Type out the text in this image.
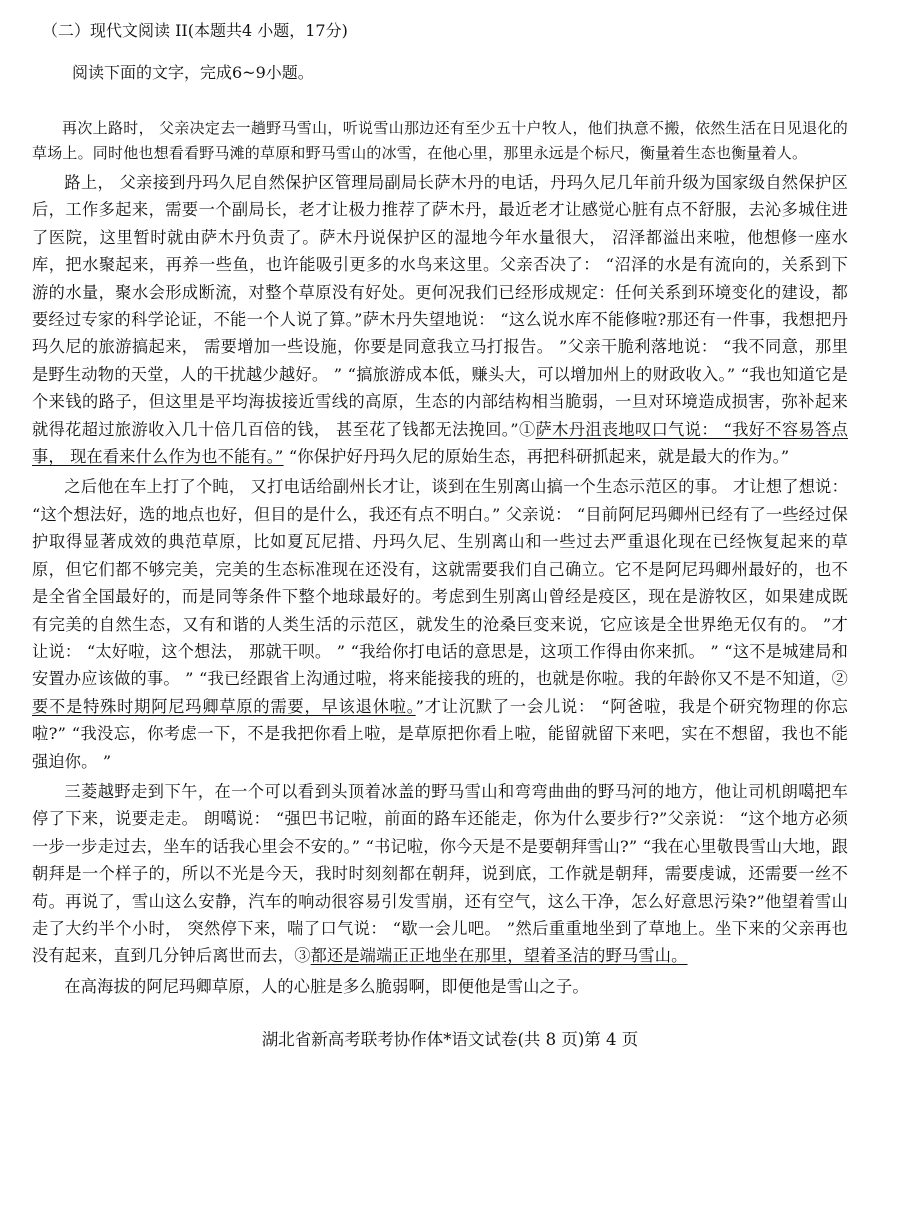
（二）现代文阅读 II(本题共4 小题，17分)
阅读下面的文字，完成6~9小题。

再次上路时， 父亲决定去一趟野马雪山，听说雪山那边还有至少五十户牧人，他们执意不搬，依然生活在日见退化的草场上。同时他也想看看野马滩的草原和野马雪山的冰雪，在他心里，那里永远是个标尺，衡量着生态也衡量着人。

路上， 父亲接到丹玛久尼自然保护区管理局副局长萨木丹的电话，丹玛久尼几年前升级为国家级自然保护区后，工作多起来，需要一个副局长，老才让极力推荐了萨木丹，最近老才让感觉心脏有点不舒服，去沁多城住进了医院，这里暂时就由萨木丹负责了。萨木丹说保护区的湿地今年水量很大， 沼泽都溢出来啦，他想修一座水库，把水聚起来，再养一些鱼，也许能吸引更多的水鸟来这里。父亲否决了： “沼泽的水是有流向的，关系到下游的水量，聚水会形成断流，对整个草原没有好处。更何况我们已经形成规定：任何关系到环境变化的建设，都要经过专家的科学论证，不能一个人说了算。”萨木丹失望地说： “这么说水库不能修啦?那还有一件事，我想把丹玛久尼的旅游搞起来， 需要增加一些设施，你要是同意我立马打报告。 ”父亲干脆利落地说： “我不同意，那里是野生动物的天堂，人的干扰越少越好。 ” “搞旅游成本低，赚头大，可以增加州上的财政收入。” “我也知道它是个来钱的路子，但这里是平均海拔接近雪线的高原，生态的内部结构相当脆弱，一旦对环境造成损害，弥补起来就得花超过旅游收入几十倍几百倍的钱， 甚至花了钱都无法挽回。”①萨木丹沮丧地叹口气说： “我好不容易答点事， 现在看来什么作为也不能有。” “你保护好丹玛久尼的原始生态，再把科研抓起来，就是最大的作为。”

之后他在车上打了个盹， 又打电话给副州长才让，谈到在生别离山搞一个生态示范区的事。 才让想了想说： “这个想法好，选的地点也好，但目的是什么，我还有点不明白。” 父亲说： “目前阿尼玛卿州已经有了一些经过保护取得显著成效的典范草原，比如夏瓦尼措、丹玛久尼、生别离山和一些过去严重退化现在已经恢复起来的草原，但它们都不够完美，完美的生态标准现在还没有，这就需要我们自己确立。它不是阿尼玛卿州最好的，也不是全省全国最好的，而是同等条件下整个地球最好的。考虑到生别离山曾经是疫区，现在是游牧区，如果建成既有完美的自然生态，又有和谐的人类生活的示范区，就发生的沧桑巨变来说，它应该是全世界绝无仅有的。 ”才让说： “太好啦，这个想法， 那就干呗。 ” “我给你打电话的意思是，这项工作得由你来抓。 ” “这不是城建局和安置办应该做的事。 ” “我已经跟省上沟通过啦，将来能接我的班的，也就是你啦。我的年龄你又不是不知道，②要不是特殊时期阿尼玛卿草原的需要，早该退休啦。”才让沉默了一会儿说： “阿爸啦，我是个研究物理的你忘啦?” “我没忘，你考虑一下，不是我把你看上啦，是草原把你看上啦，能留就留下来吧，实在不想留，我也不能强迫你。 ”

三菱越野走到下午，在一个可以看到头顶着冰盖的野马雪山和弯弯曲曲的野马河的地方，他让司机朗噶把车停了下来，说要走走。 朗噶说： “强巴书记啦，前面的路车还能走，你为什么要步行?”父亲说： “这个地方必须一步一步走过去，坐车的话我心里会不安的。” “书记啦，你今天是不是要朝拜雪山?” “我在心里敬畏雪山大地，跟朝拜是一个样子的，所以不光是今天，我时时刻刻都在朝拜，说到底，工作就是朝拜，需要虔诚，还需要一丝不苟。再说了，雪山这么安静，汽车的响动很容易引发雪崩，还有空气，这么干净，怎么好意思污染?”他望着雪山走了大约半个小时， 突然停下来，喘了口气说： “歇一会儿吧。 ”然后重重地坐到了草地上。坐下来的父亲再也没有起来，直到几分钟后离世而去，③都还是端端正正地坐在那里，望着圣洁的野马雪山。

在高海拔的阿尼玛卿草原，人的心脏是多么脆弱啊，即便他是雪山之子。

湖北省新高考联考协作体*语文试卷(共 8 页)第 4 页
